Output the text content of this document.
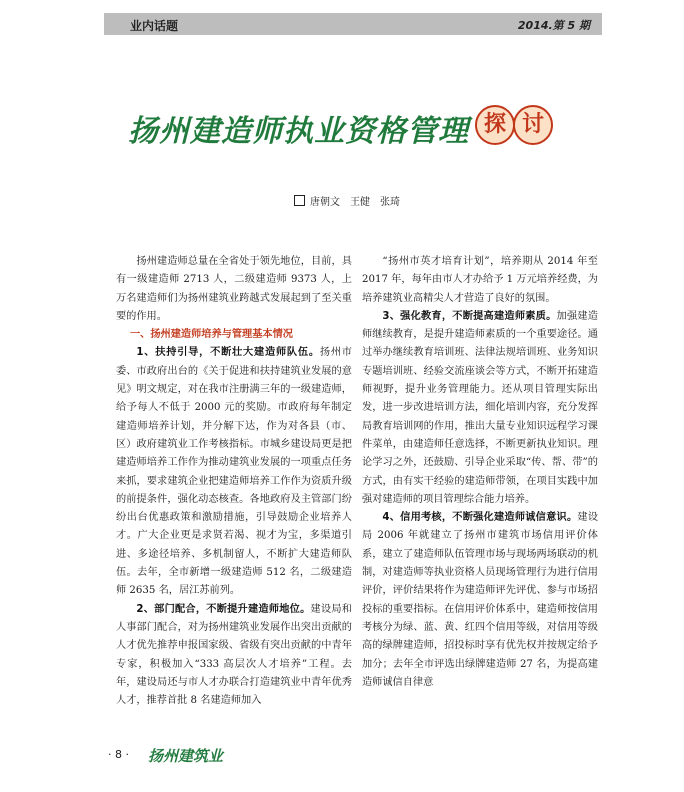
业内话题	2014.第 5 期
扬州建造师执业资格管理 探 讨
唐朝文　王健　张琦

扬州建造师总量在全省处于领先地位，目前，具有一级建造师 2713 人，二级建造师 9373 人，上万名建造师们为扬州建筑业跨越式发展起到了至关重要的作用。

一、扬州建造师培养与管理基本情况

1、扶持引导，不断壮大建造师队伍。扬州市委、市政府出台的《关于促进和扶持建筑业发展的意见》明文规定，对在我市注册满三年的一级建造师，给予每人不低于 2000 元的奖励。市政府每年制定建造师培养计划，并分解下达，作为对各县（市、区）政府建筑业工作考核指标。市城乡建设局更是把建造师培养工作作为推动建筑业发展的一项重点任务来抓，要求建筑企业把建造师培养工作作为资质升级的前提条件，强化动态核查。各地政府及主管部门纷纷出台优惠政策和激励措施，引导鼓励企业培养人才。广大企业更是求贤若渴、视才为宝，多渠道引进、多途径培养、多机制留人，不断扩大建造师队伍。去年，全市新增一级建造师 512 名，二级建造师 2635 名，居江苏前列。

2、部门配合，不断提升建造师地位。建设局和人事部门配合，对为扬州建筑业发展作出突出贡献的人才优先推荐申报国家级、省级有突出贡献的中青年专家，积极加入“333 高层次人才培养”工程。去年，建设局还与市人才办联合打造建筑业中青年优秀人才，推荐首批 8 名建造师加入

“扬州市英才培育计划”，培养期从 2014 年至 2017 年，每年由市人才办给予 1 万元培养经费，为培养建筑业高精尖人才营造了良好的氛围。

3、强化教育，不断提高建造师素质。加强建造师继续教育，是提升建造师素质的一个重要途径。通过举办继续教育培训班、法律法规培训班、业务知识专题培训班、经验交流座谈会等方式，不断开拓建造师视野，提升业务管理能力。还从项目管理实际出发，进一步改进培训方法，细化培训内容，充分发挥局教育培训网的作用，推出大量专业知识远程学习课件菜单，由建造师任意选择，不断更新执业知识。理论学习之外，还鼓励、引导企业采取“传、帮、带”的方式，由有实干经验的建造师带领，在项目实践中加强对建造师的项目管理综合能力培养。

4、信用考核，不断强化建造师诚信意识。建设局 2006 年就建立了扬州市建筑市场信用评价体系，建立了建造师队伍管理市场与现场两场联动的机制，对建造师等执业资格人员现场管理行为进行信用评价，评价结果将作为建造师评先评优、参与市场招投标的重要指标。在信用评价体系中，建造师按信用考核分为绿、蓝、黄、红四个信用等级，对信用等级高的绿牌建造师，招投标时享有优先权并按规定给予加分；去年全市评选出绿牌建造师 27 名，为提高建造师诚信自律意

· 8 · 扬州建筑业
